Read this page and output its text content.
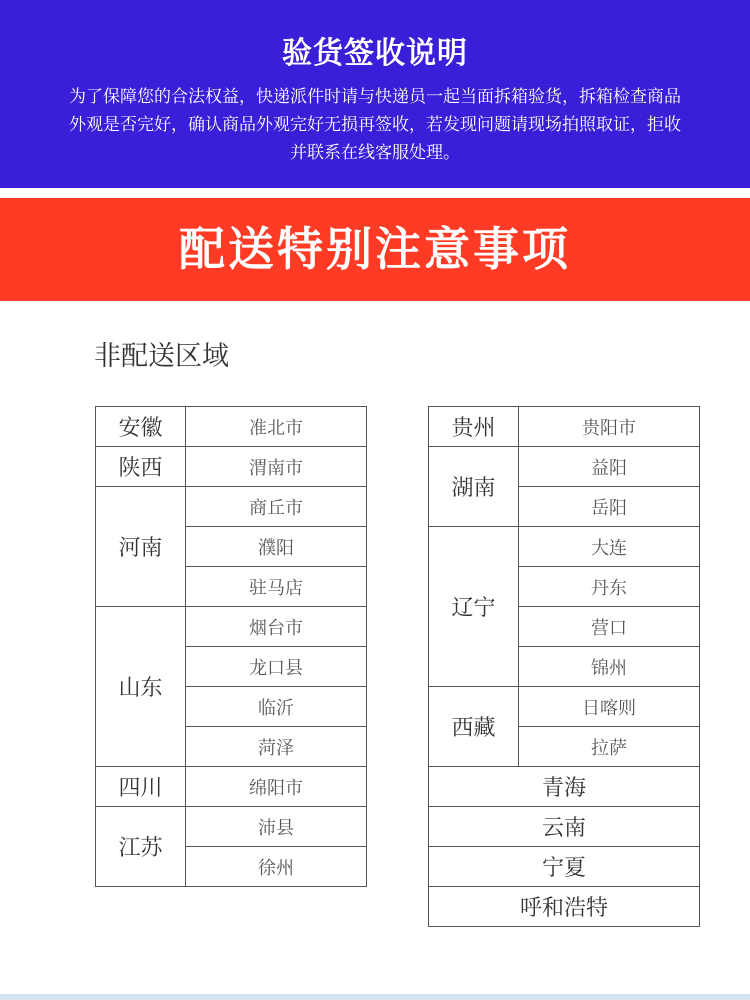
验货签收说明
为了保障您的合法权益，快递派件时请与快递员一起当面拆箱验货，拆箱检查商品外观是否完好，确认商品外观完好无损再签收，若发现问题请现场拍照取证，拒收并联系在线客服处理。
配送特别注意事项
非配送区域
安徽	准北市
陕西	渭南市
河南	商丘市
	濮阳
	驻马店
山东	烟台市
	龙口县
	临沂
	菏泽
四川	绵阳市
江苏	沛县
	徐州
贵州	贵阳市
湖南	益阳
	岳阳
辽宁	大连
	丹东
	营口
	锦州
西藏	日喀则
	拉萨
青海	
云南	
宁夏	
呼和浩特	
